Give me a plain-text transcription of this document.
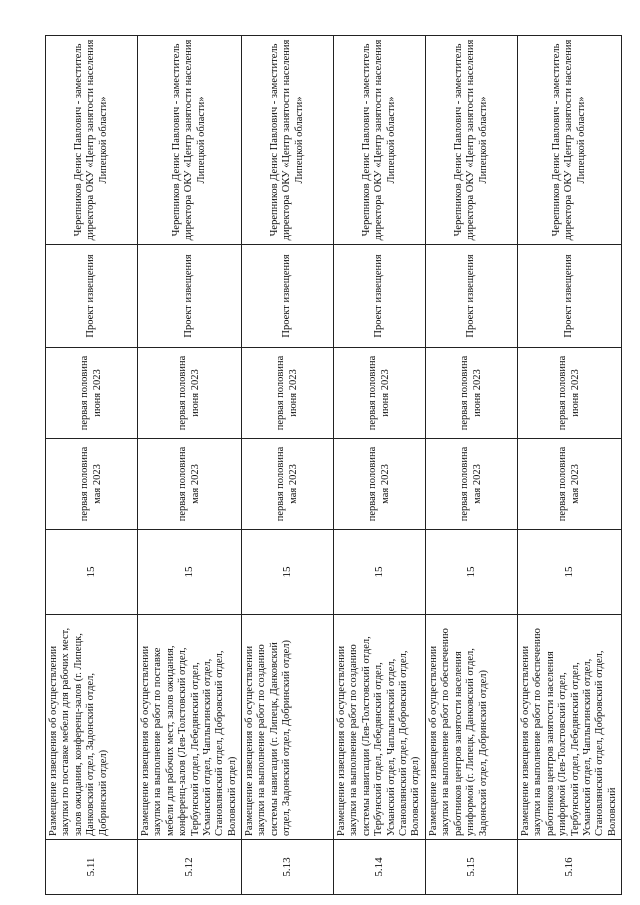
5.11	Размещение извещения об осуществлении закупки по поставке мебели для рабочих мест, залов ожидания, конференц-залов (г. Липецк, Данковский отдел, Задонский отдел, Добринский отдел)	15	первая половина мая 2023	первая половина июня 2023	Проект извещения	Черепников Денис Павлович - заместитель директора ОКУ «Центр занятости населения Липецкой области»
5.12	Размещение извещения об осуществлении закупки на выполнение работ по поставке мебели для рабочих мест, залов ожидания, конференц-залов (Лев-Толстовский отдел, Тербунский отдел, Лебедянский отдел, Усманский отдел, Чаплыгинский отдел, Становлянский отдел, Добровский отдел, Воловский отдел)	15	первая половина мая 2023	первая половина июня 2023	Проект извещения	Черепников Денис Павлович - заместитель директора ОКУ «Центр занятости населения Липецкой области»
5.13	Размещение извещения об осуществлении закупки на выполнение работ по созданию системы навигации (г. Липецк, Данковский отдел, Задонский отдел, Добринский отдел)	15	первая половина мая 2023	первая половина июня 2023	Проект извещения	Черепников Денис Павлович - заместитель директора ОКУ «Центр занятости населения Липецкой области»
5.14	Размещение извещения об осуществлении закупки на выполнение работ по созданию системы навигации (Лев-Толстовский отдел, Тербунский отдел, Лебедянский отдел, Усманский отдел, Чаплыгинский отдел, Становлянский отдел, Добровский отдел, Воловский отдел)	15	первая половина мая 2023	первая половина июня 2023	Проект извещения	Черепников Денис Павлович - заместитель директора ОКУ «Центр занятости населения Липецкой области»
5.15	Размещение извещения об осуществлении закупки на выполнение работ по обеспечению работников центров занятости населения униформой (г. Липецк, Данковский отдел, Задонский отдел, Добринский отдел)	15	первая половина мая 2023	первая половина июня 2023	Проект извещения	Черепников Денис Павлович - заместитель директора ОКУ «Центр занятости населения Липецкой области»
5.16	Размещение извещения об осуществлении закупки на выполнение работ по обеспечению работников центров занятости населения униформой (Лев-Толстовский отдел, Тербунский отдел, Лебедянский отдел, Усманский отдел, Чаплыгинский отдел, Становлянский отдел, Добровский отдел, Воловский	15	первая половина мая 2023	первая половина июня 2023	Проект извещения	Черепников Денис Павлович - заместитель директора ОКУ «Центр занятости населения Липецкой области»
